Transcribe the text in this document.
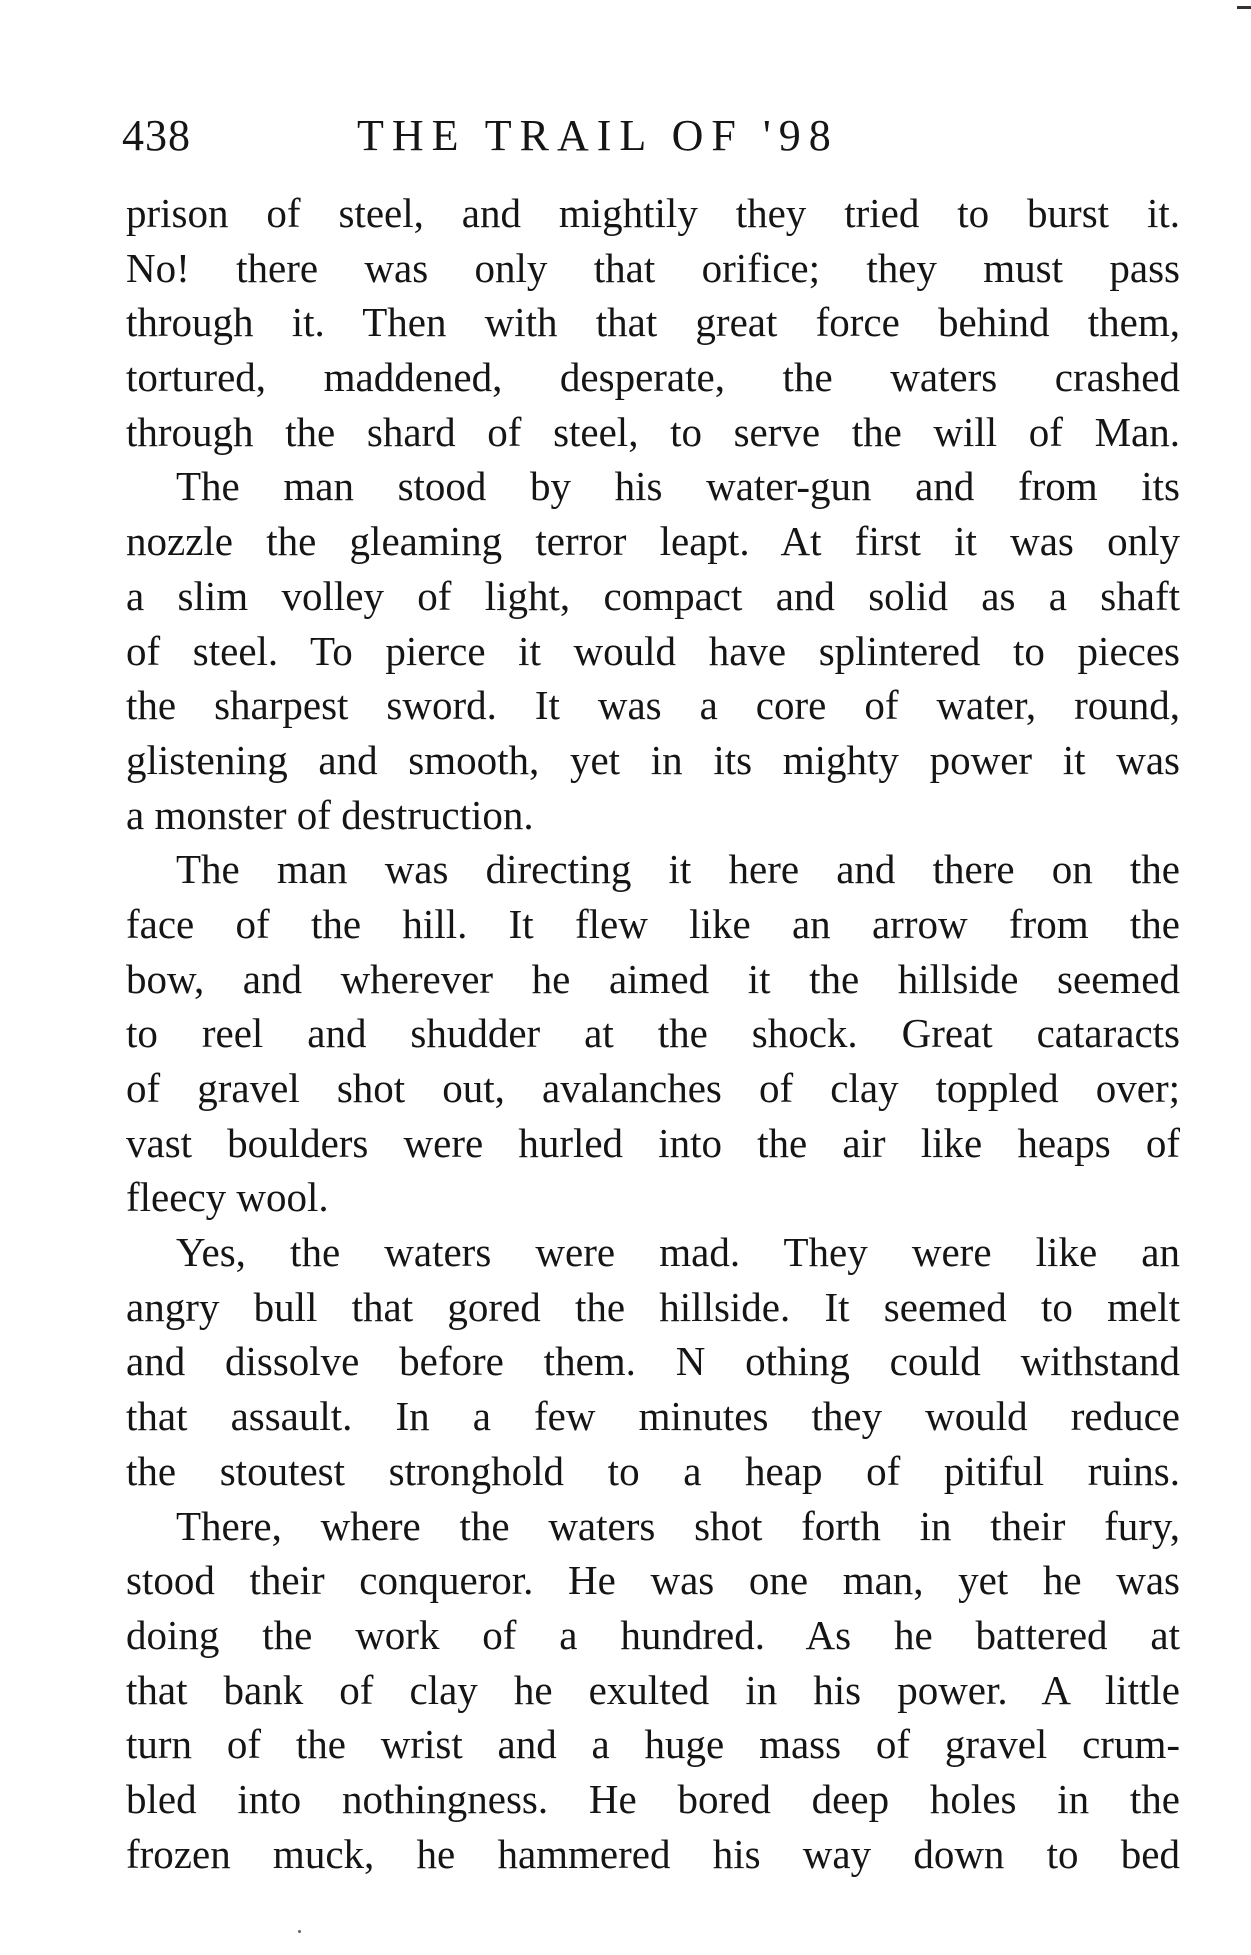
438	THE TRAIL OF '98
prison of steel, and mightily they tried to burst it.
No! there was only that orifice; they must pass
through it. Then with that great force behind them,
tortured, maddened, desperate, the waters crashed
through the shard of steel, to serve the will of Man.
The man stood by his water-gun and from its
nozzle the gleaming terror leapt. At first it was only
a slim volley of light, compact and solid as a shaft
of steel. To pierce it would have splintered to pieces
the sharpest sword. It was a core of water, round,
glistening and smooth, yet in its mighty power it was
a monster of destruction.
The man was directing it here and there on the
face of the hill. It flew like an arrow from the
bow, and wherever he aimed it the hillside seemed
to reel and shudder at the shock. Great cataracts
of gravel shot out, avalanches of clay toppled over;
vast boulders were hurled into the air like heaps of
fleecy wool.
Yes, the waters were mad. They were like an
angry bull that gored the hillside. It seemed to melt
and dissolve before them. N othing could withstand
that assault. In a few minutes they would reduce
the stoutest stronghold to a heap of pitiful ruins.
There, where the waters shot forth in their fury,
stood their conqueror. He was one man, yet he was
doing the work of a hundred. As he battered at
that bank of clay he exulted in his power. A little
turn of the wrist and a huge mass of gravel crum-
bled into nothingness. He bored deep holes in the
frozen muck, he hammered his way down to bed
